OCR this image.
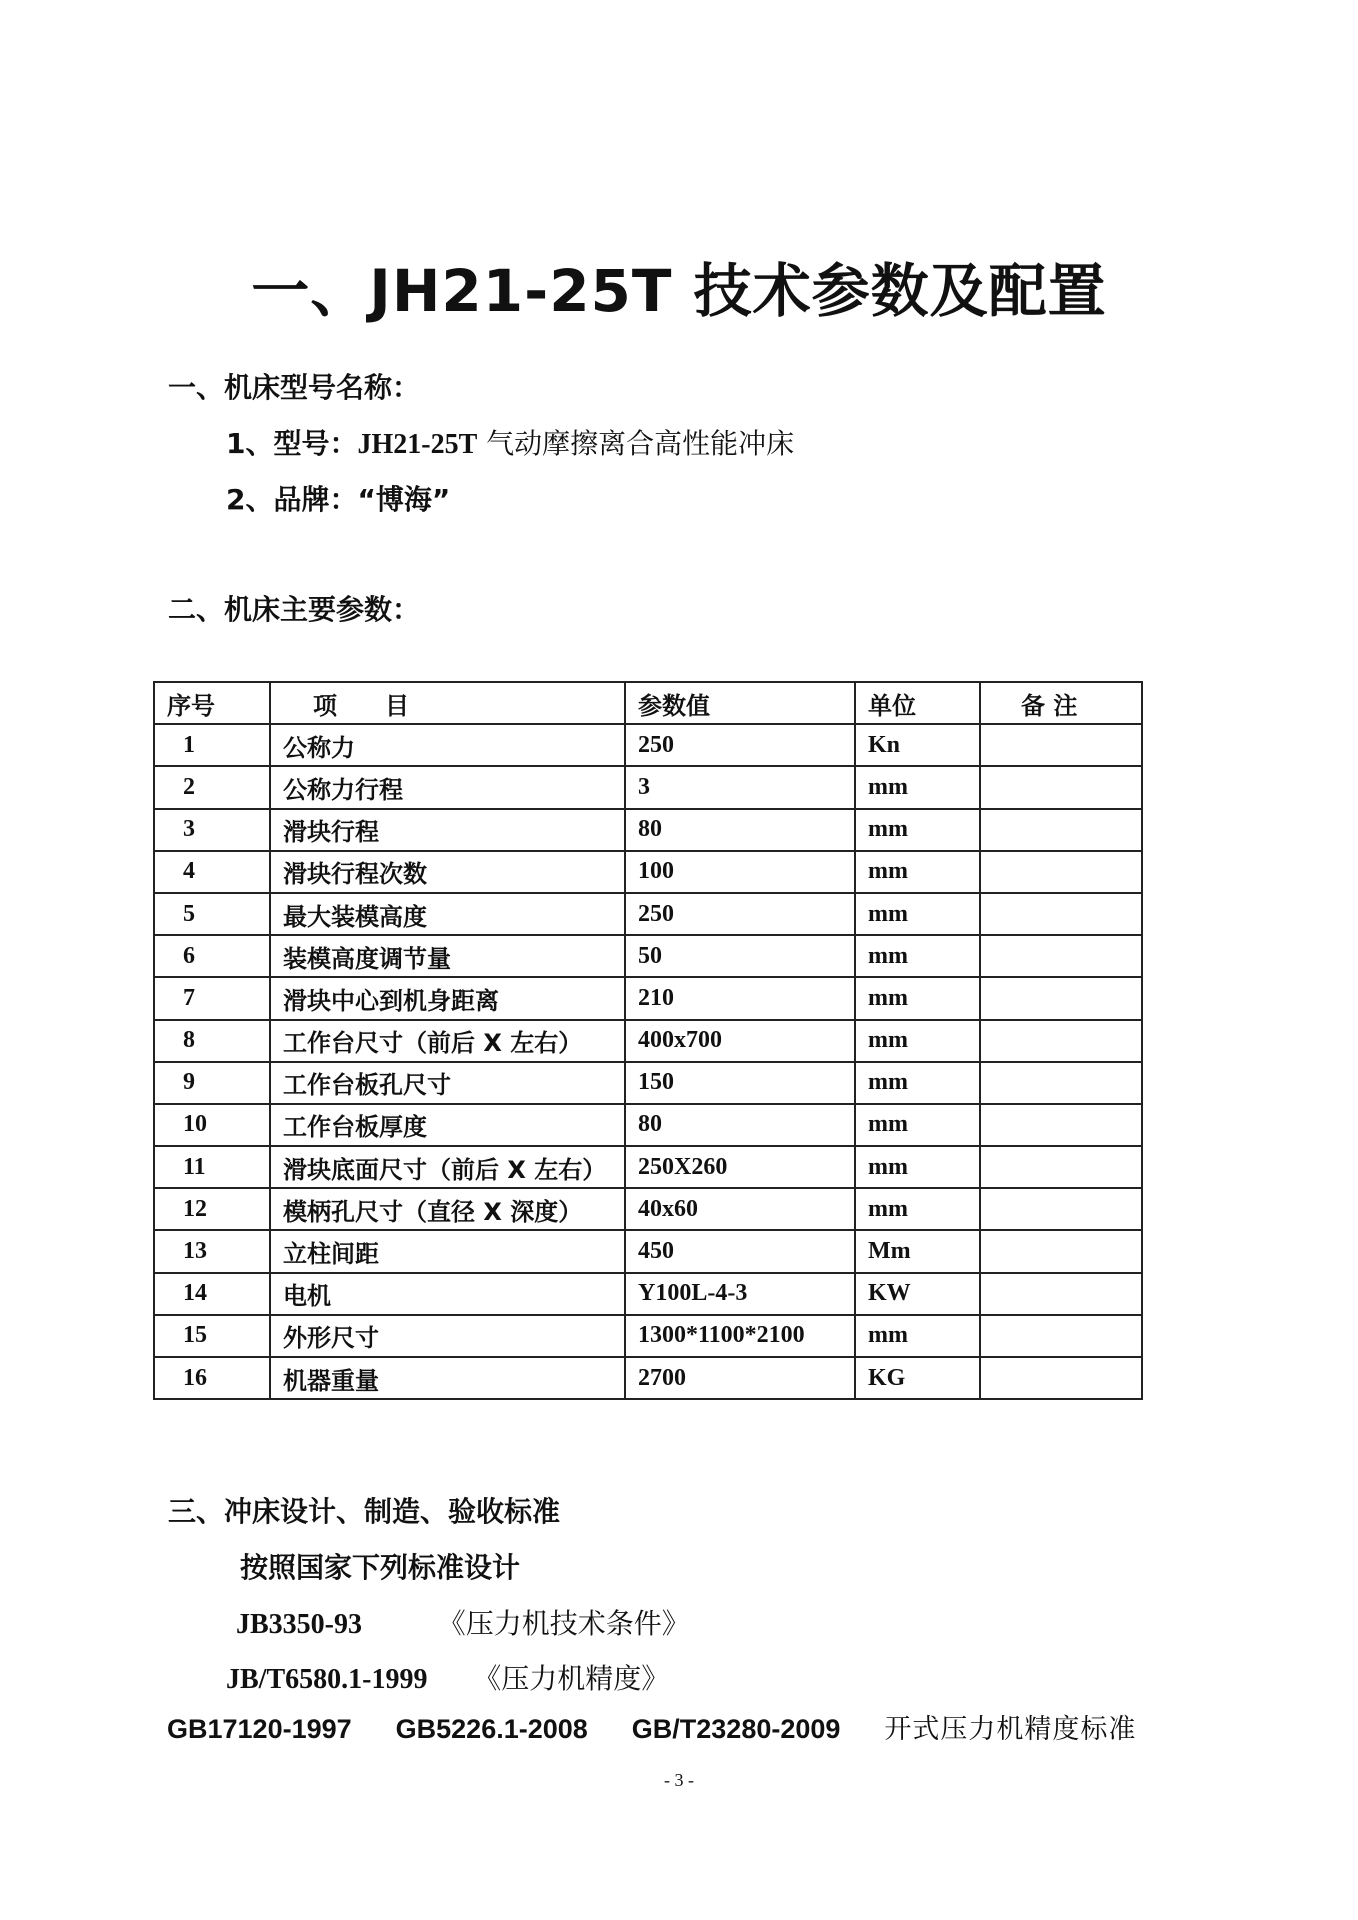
一、JH21-25T 技术参数及配置
一、机床型号名称：
1、型号：JH21-25T 气动摩擦离合高性能冲床
2、品牌：“博海”
二、机床主要参数：
序号	项　　目	参数值	单位	备 注
1	公称力	250	Kn	
2	公称力行程	3	mm	
3	滑块行程	80	mm	
4	滑块行程次数	100	mm	
5	最大装模高度	250	mm	
6	装模高度调节量	50	mm	
7	滑块中心到机身距离	210	mm	
8	工作台尺寸（前后 X 左右）	400x700	mm	
9	工作台板孔尺寸	150	mm	
10	工作台板厚度	80	mm	
11	滑块底面尺寸（前后 X 左右）	250X260	mm	
12	模柄孔尺寸（直径 X 深度）	40x60	mm	
13	立柱间距	450	Mm	
14	电机	Y100L-4-3	KW	
15	外形尺寸	1300*1100*2100	mm	
16	机器重量	2700	KG	
三、冲床设计、制造、验收标准
按照国家下列标准设计
JB3350-93	《压力机技术条件》
JB/T6580.1-1999 《压力机精度》
GB17120-1997 GB5226.1-2008 GB/T23280-2009 开式压力机精度标准
- 3 -
